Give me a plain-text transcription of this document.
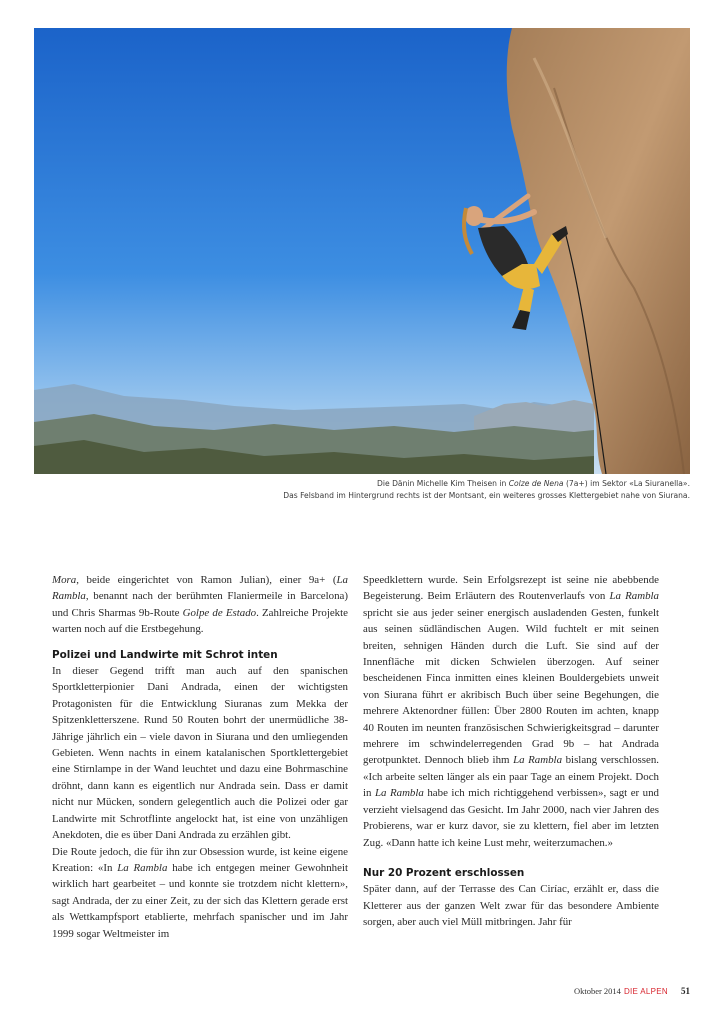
Die Dänin Michelle Kim Theisen in Colze de Nena (7a+) im Sektor «La Siuranella».

Das Felsband im Hintergrund rechts ist der Montsant, ein weiteres grosses Klettergebiet nahe von Siurana.

Mora, beide eingerichtet von Ramon Julian), einer 9a+ (La Rambla, benannt nach der berühmten Flaniermeile in Barcelona) und Chris Sharmas 9b-Route Golpe de Estado. Zahlreiche Projekte warten noch auf die Erstbegehung.

Polizei und Landwirte mit Schrot inten

In dieser Gegend trifft man auch auf den spanischen Sportkletterpionier Dani Andrada, einen der wichtigsten Protagonisten für die Entwicklung Siuranas zum Mekka der Spitzenkletterszene. Rund 50 Routen bohrt der unermüdliche 38-Jährige jährlich ein – viele davon in Siurana und den umliegenden Gebieten. Wenn nachts in einem katalanischen Sportklettergebiet eine Stirnlampe in der Wand leuchtet und dazu eine Bohrmaschine dröhnt, dann kann es eigentlich nur Andrada sein. Dass er damit nicht nur Mücken, sondern gelegentlich auch die Polizei oder gar Landwirte mit Schrotflinte angelockt hat, ist eine von unzähligen Anekdoten, die es über Dani Andrada zu erzählen gibt.

Die Route jedoch, die für ihn zur Obsession wurde, ist keine eigene Kreation: «In La Rambla habe ich entgegen meiner Gewohnheit wirklich hart gearbeitet – und konnte sie trotzdem nicht klettern», sagt Andrada, der zu einer Zeit, zu der sich das Klettern gerade erst als Wettkampfsport etablierte, mehrfach spanischer und im Jahr 1999 sogar Weltmeister im

Speedklettern wurde. Sein Erfolgsrezept ist seine nie abebbende Begeisterung. Beim Erläutern des Routenverlaufs von La Rambla spricht sie aus jeder seiner energisch ausladenden Gesten, funkelt aus seinen südländischen Augen. Wild fuchtelt er mit seinen breiten, sehnigen Händen durch die Luft. Sie sind auf der Innenfläche mit dicken Schwielen überzogen. Auf seiner bescheidenen Finca inmitten eines kleinen Bouldergebiets unweit von Siurana führt er akribisch Buch über seine Begehungen, die mehrere Aktenordner füllen: Über 2800 Routen im achten, knapp 40 Routen im neunten französischen Schwierigkeitsgrad – darunter mehrere im schwindelerregenden Grad 9b – hat Andrada gerotpunktet. Dennoch blieb ihm La Rambla bislang verschlossen. «Ich arbeite selten länger als ein paar Tage an einem Projekt. Doch in La Rambla habe ich mich richtiggehend verbissen», sagt er und verzieht vielsagend das Gesicht. Im Jahr 2000, nach vier Jahren des Probierens, war er kurz davor, sie zu klettern, fiel aber im letzten Zug. «Dann hatte ich keine Lust mehr, weiterzumachen.»

Nur 20 Prozent erschlossen

Später dann, auf der Terrasse des Can Ciríac, erzählt er, dass die Kletterer aus der ganzen Welt zwar für das besondere Ambiente sorgen, aber auch viel Müll mitbringen. Jahr für

Oktober 2014 DIE ALPEN 51
